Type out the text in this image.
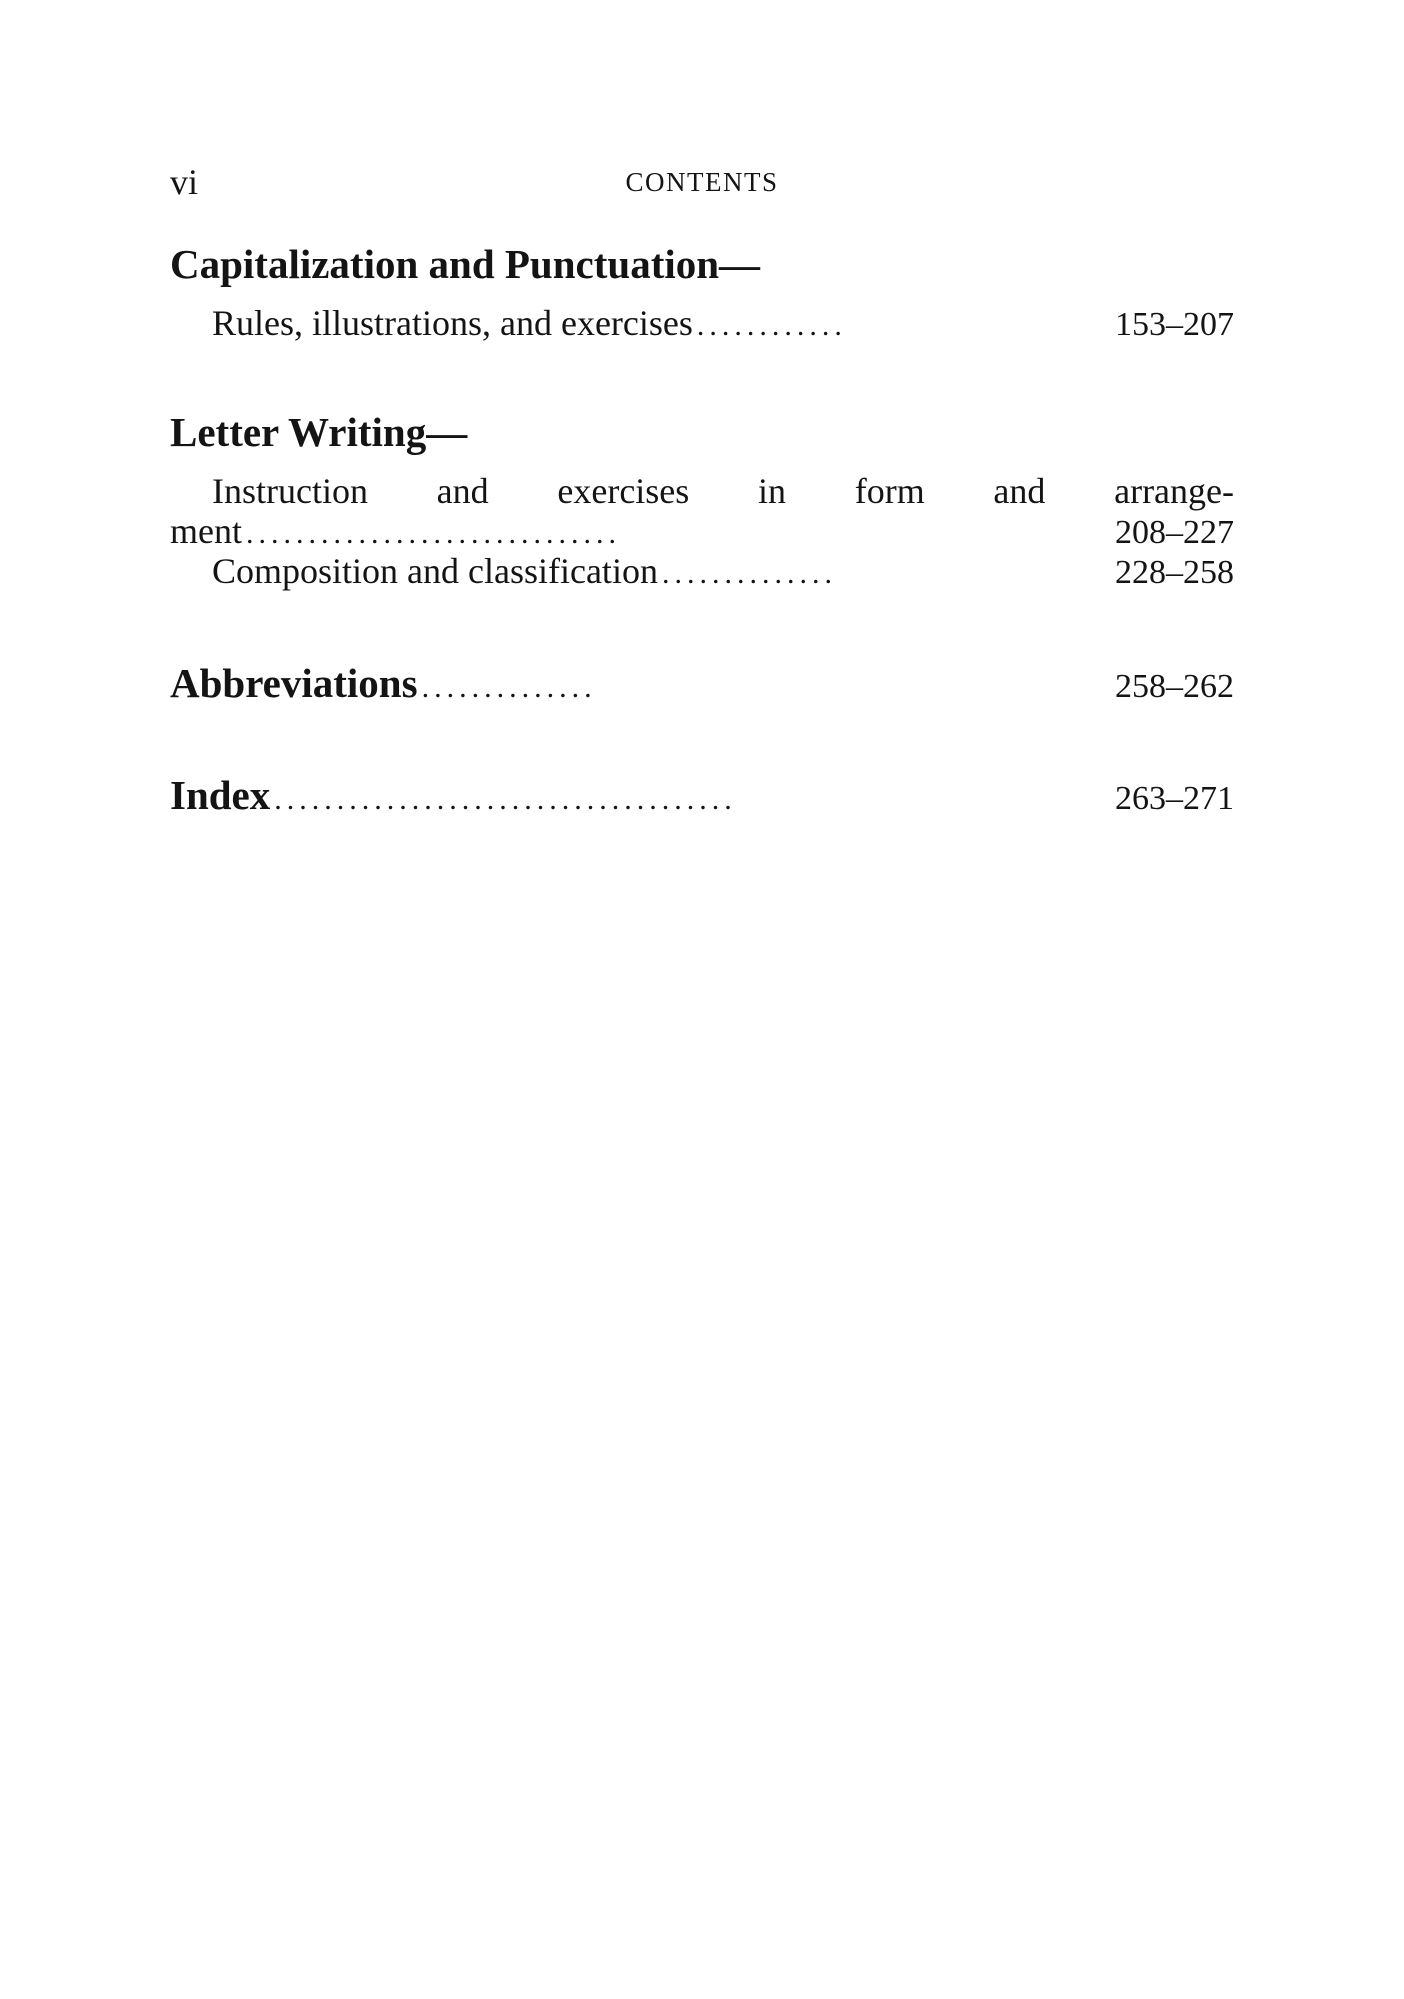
vi	CONTENTS
Capitalization and Punctuation—
Rules, illustrations, and exercises ............	153–207
Letter Writing—
Instruction and exercises in form and arrange-
ment ..............................	208–227
Composition and classification ..............	228–258
Abbreviations ..............	258–262
Index .....................................	263–271
